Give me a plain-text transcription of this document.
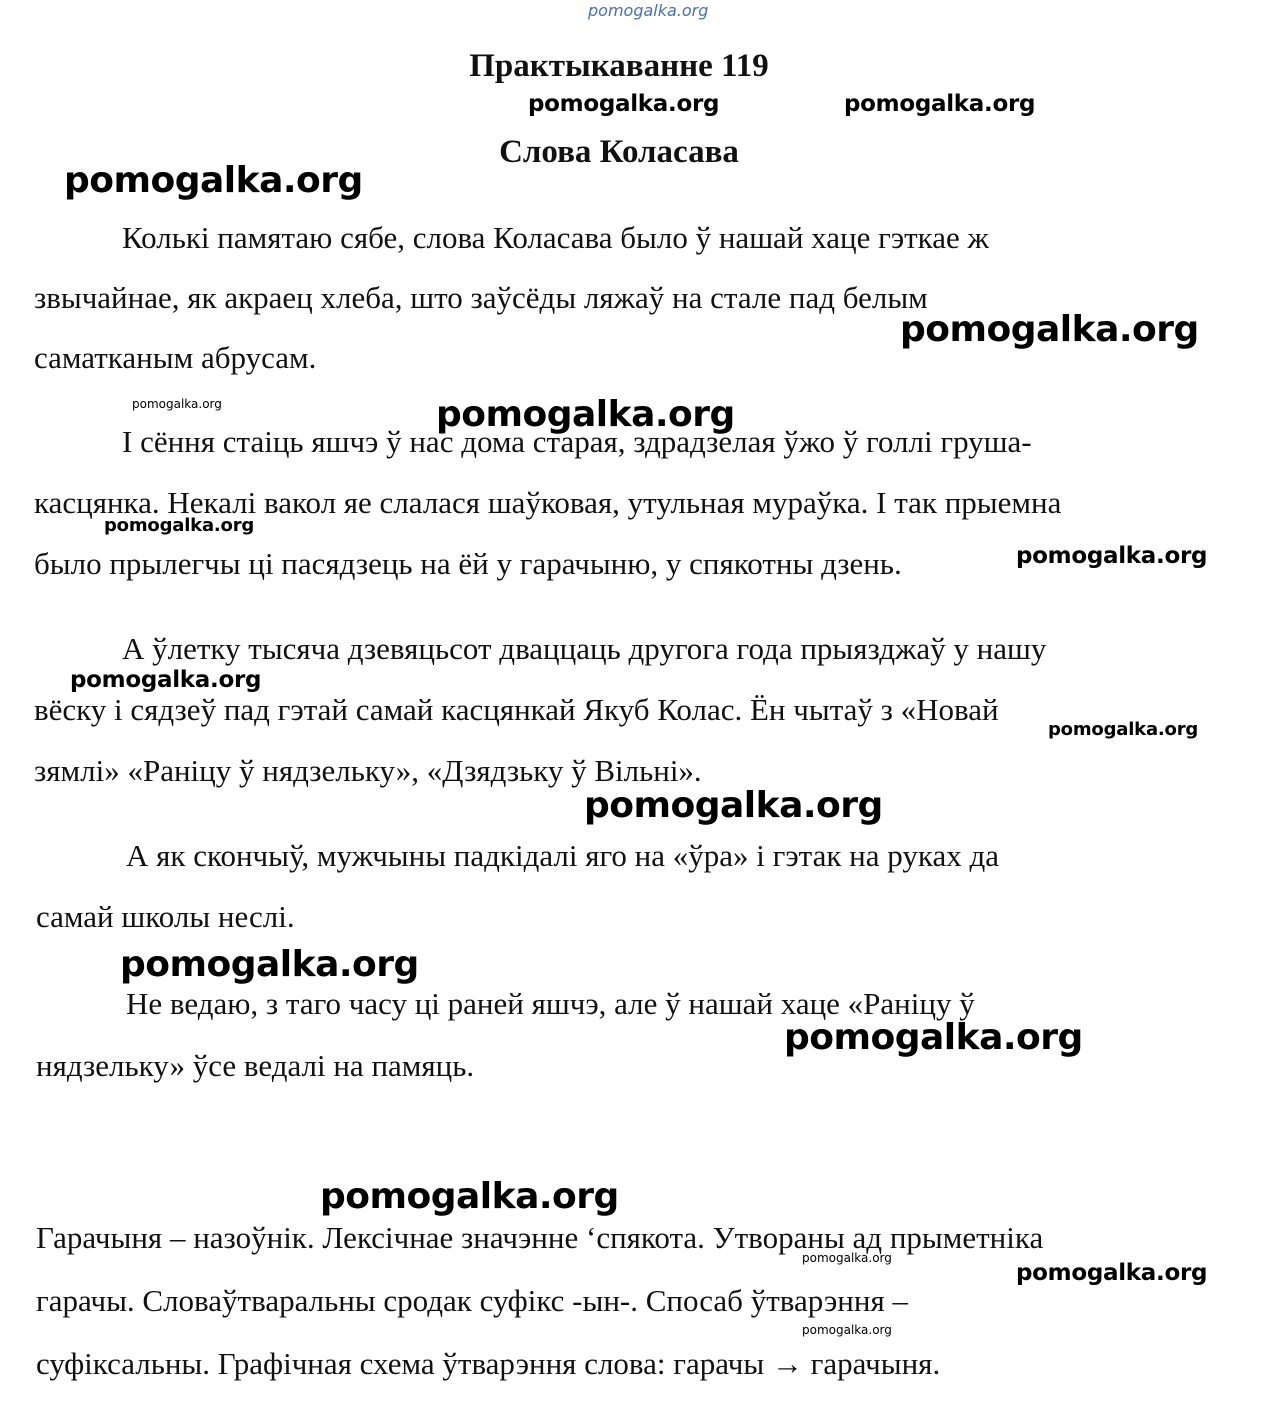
Практыкаванне 119
Слова Коласава
Колькі памятаю сябе, слова Коласава было ў нашай хаце гэткае ж
звычайнае, як акраец хлеба, што заўсёды ляжаў на стале пад белым
саматканым абрусам.
І сёння стаіць яшчэ ў нас дома старая, здрадзелая ўжо ў голлі груша-
касцянка. Некалі вакол яе слалася шаўковая, утульная мураўка. І так прыемна
было прылегчы ці пасядзець на ёй у гарачыню, у спякотны дзень.
А ўлетку тысяча дзевяцьсот дваццаць другога года прыязджаў у нашу
вёску і сядзеў пад гэтай самай касцянкай Якуб Колас. Ён чытаў з «Новай
зямлі» «Раніцу ў нядзельку», «Дзядзьку ў Вільні».
А як скончыў, мужчыны падкідалі яго на «ўра» і гэтак на руках да
самай школы неслі.
Не ведаю, з таго часу ці раней яшчэ, але ў нашай хаце «Раніцу ў
нядзельку» ўсе ведалі на памяць.
Гарачыня – назоўнік. Лексічнае значэнне ‘спякота. Утвораны ад прыметніка
гарачы. Словаўтваральны сродак суфікс -ын-. Спосаб ўтварэння –
суфіксальны. Графічная схема ўтварэння слова: гарачы → гарачыня.
pomogalka.org
pomogalka.org	pomogalka.org
pomogalka.org
pomogalka.org
pomogalka.org	pomogalka.org
pomogalka.org
pomogalka.org
pomogalka.org
pomogalka.org
pomogalka.org
pomogalka.org
pomogalka.org
pomogalka.org
pomogalka.org
pomogalka.org
pomogalka.org
